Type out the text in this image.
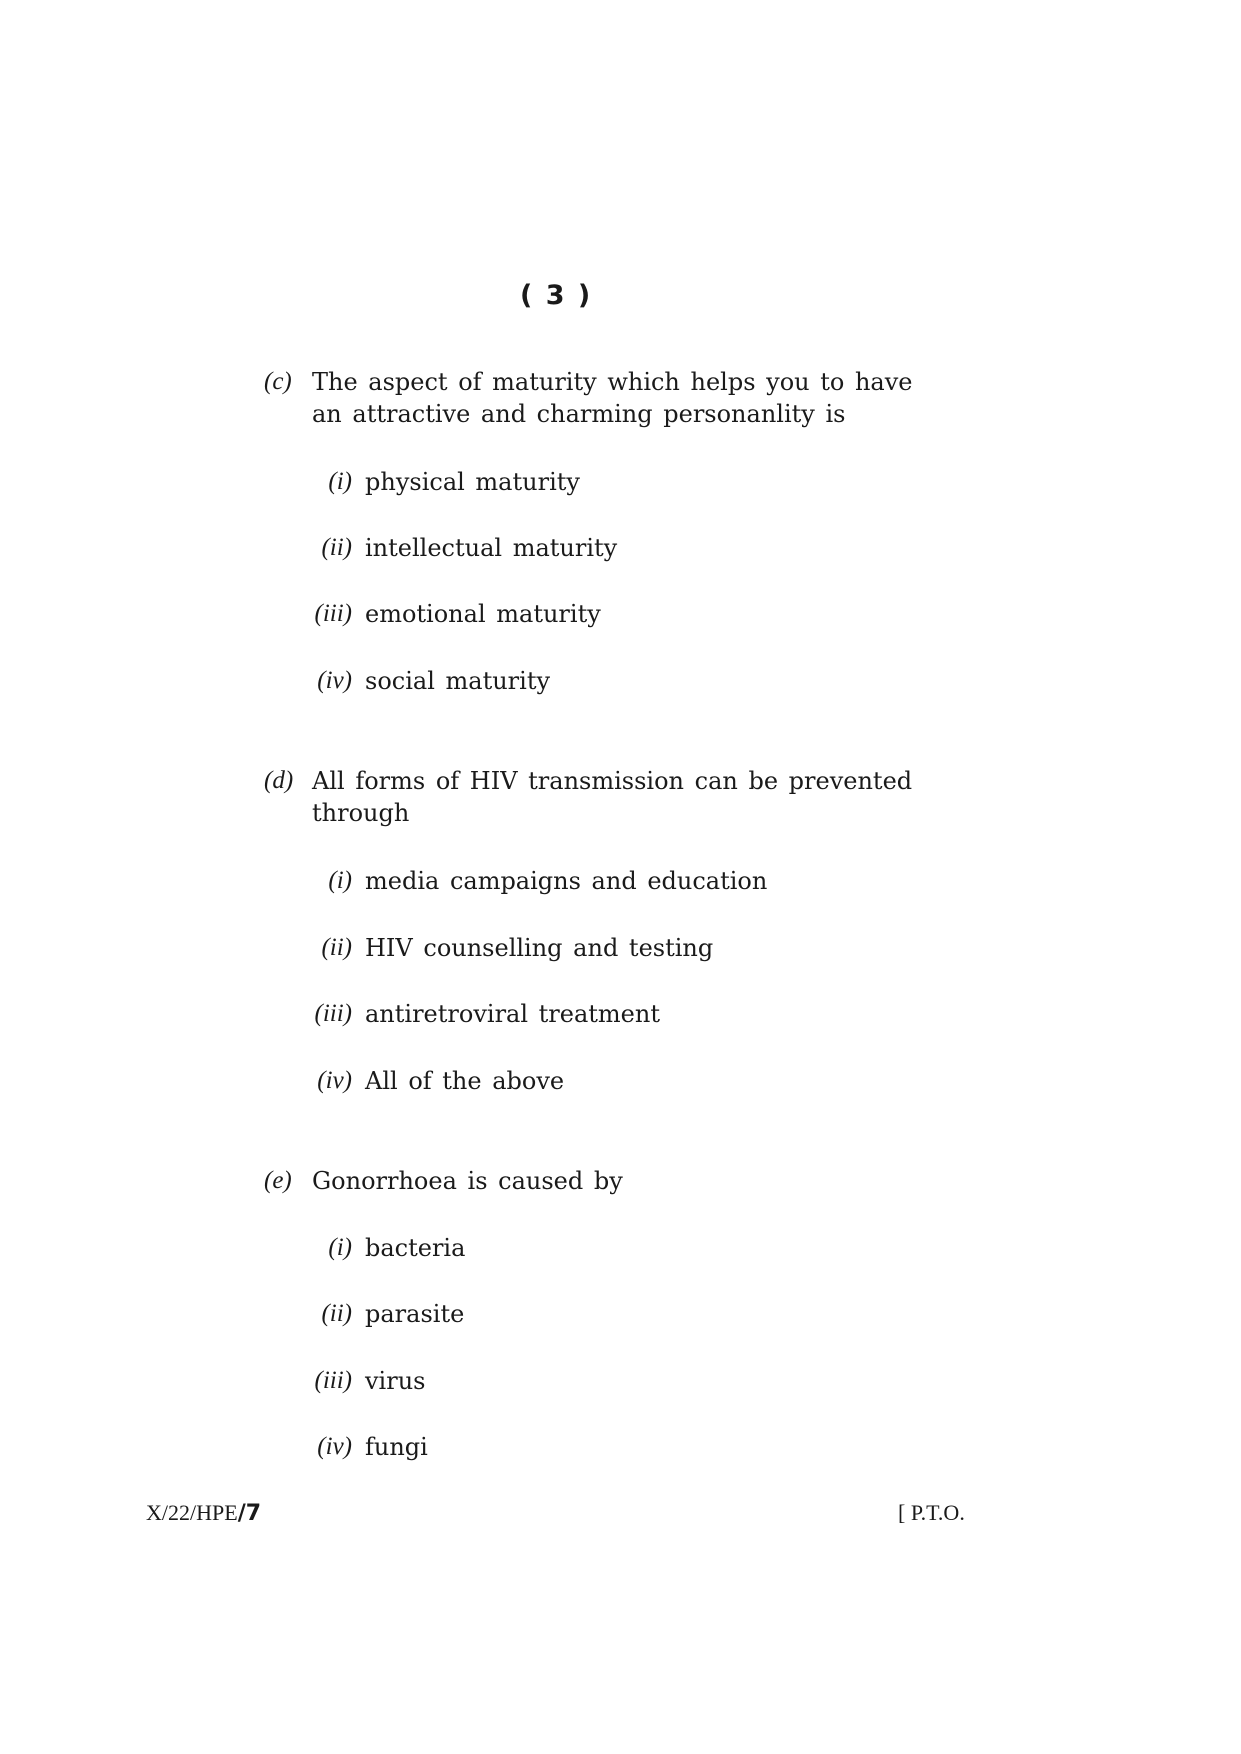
( 3 )
(c) The aspect of maturity which helps you to have an attractive and charming personanlity is
(i) physical maturity
(ii) intellectual maturity
(iii) emotional maturity
(iv) social maturity
(d) All forms of HIV transmission can be prevented through
(i) media campaigns and education
(ii) HIV counselling and testing
(iii) antiretroviral treatment
(iv) All of the above
(e) Gonorrhoea is caused by
(i) bacteria
(ii) parasite
(iii) virus
(iv) fungi
X/22/HPE/7	[ P.T.O.
